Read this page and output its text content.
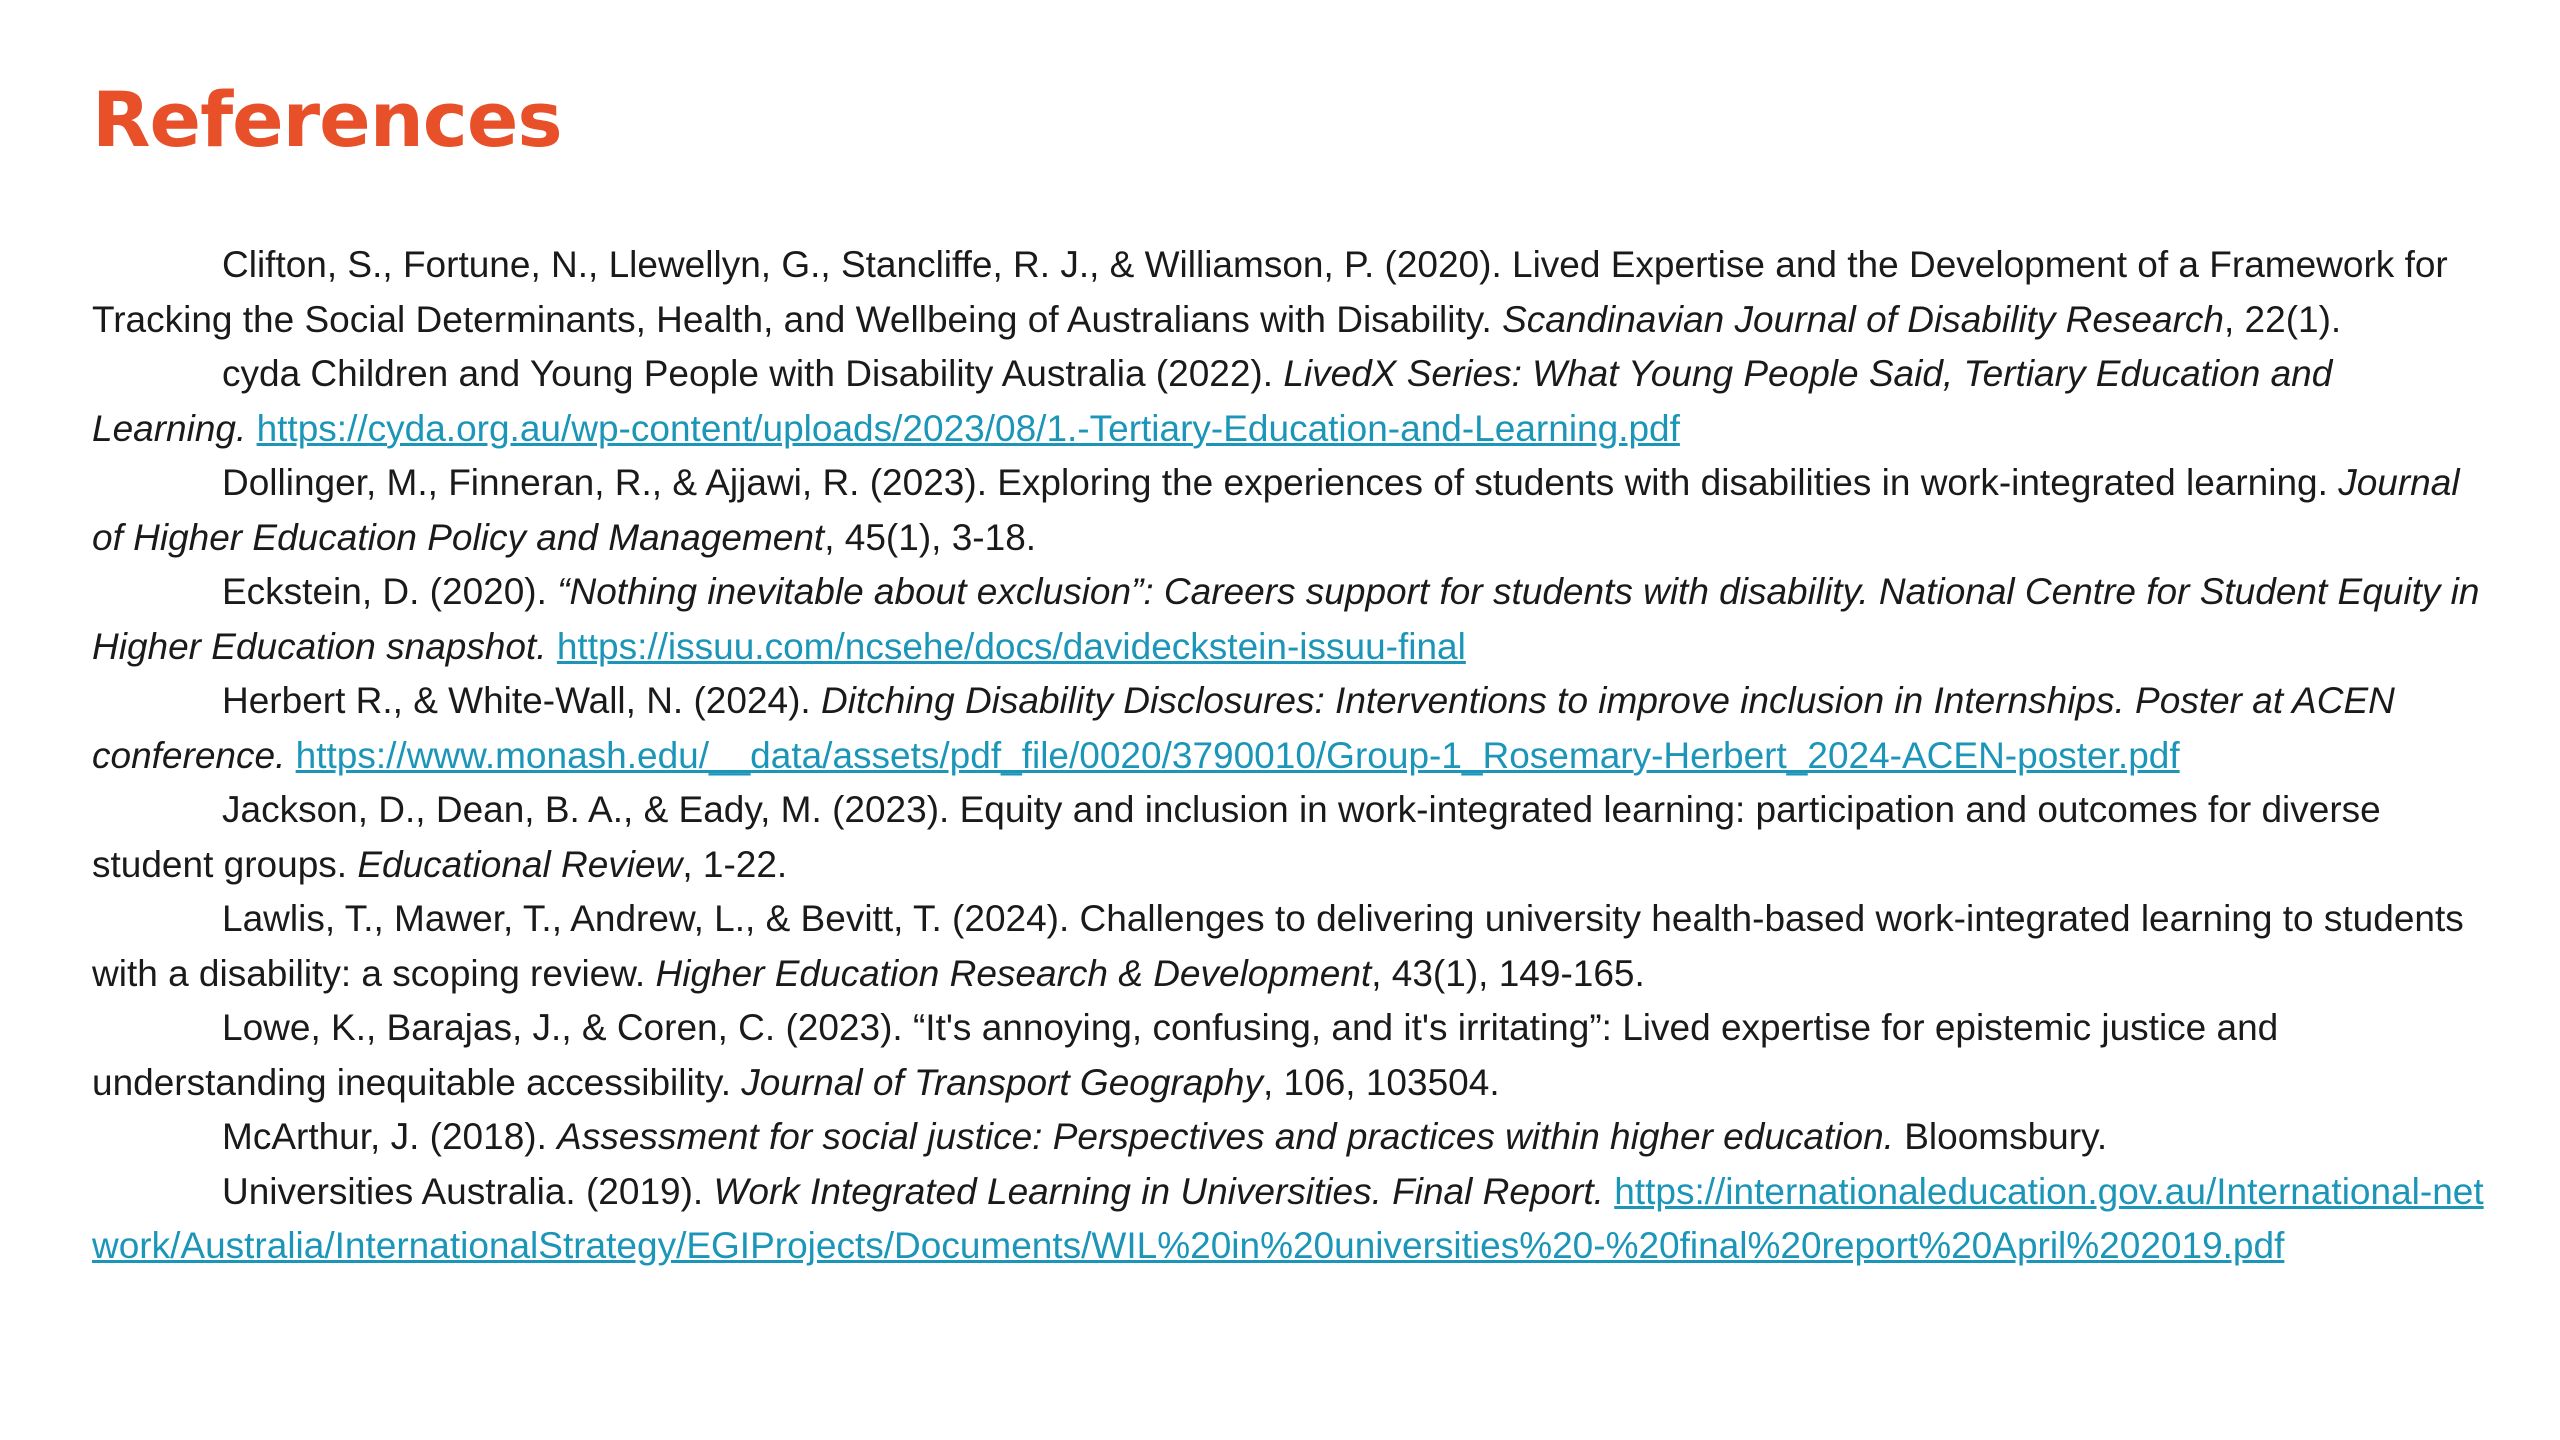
References

Clifton, S., Fortune, N., Llewellyn, G., Stancliffe, R. J., & Williamson, P. (2020). Lived Expertise and the Development of a Framework for Tracking the Social Determinants, Health, and Wellbeing of Australians with Disability. Scandinavian Journal of Disability Research, 22(1).

cyda Children and Young People with Disability Australia (2022). LivedX Series: What Young People Said, Tertiary Education and Learning. https://cyda.org.au/wp-content/uploads/2023/08/1.-Tertiary-Education-and-Learning.pdf

Dollinger, M., Finneran, R., & Ajjawi, R. (2023). Exploring the experiences of students with disabilities in work-integrated learning. Journal of Higher Education Policy and Management, 45(1), 3-18.

Eckstein, D. (2020). “Nothing inevitable about exclusion”: Careers support for students with disability. National Centre for Student Equity in Higher Education snapshot. https://issuu.com/ncsehe/docs/davideckstein-issuu-final

Herbert R., & White-Wall, N. (2024). Ditching Disability Disclosures: Interventions to improve inclusion in Internships. Poster at ACEN conference. https://www.monash.edu/__data/assets/pdf_file/0020/3790010/Group-1_Rosemary-Herbert_2024-ACEN-poster.pdf

Jackson, D., Dean, B. A., & Eady, M. (2023). Equity and inclusion in work-integrated learning: participation and outcomes for diverse student groups. Educational Review, 1-22.

Lawlis, T., Mawer, T., Andrew, L., & Bevitt, T. (2024). Challenges to delivering university health-based work-integrated learning to students with a disability: a scoping review. Higher Education Research & Development, 43(1), 149-165.

Lowe, K., Barajas, J., & Coren, C. (2023). “It's annoying, confusing, and it's irritating”: Lived expertise for epistemic justice and understanding inequitable accessibility. Journal of Transport Geography, 106, 103504.

McArthur, J. (2018). Assessment for social justice: Perspectives and practices within higher education. Bloomsbury.

Universities Australia. (2019). Work Integrated Learning in Universities. Final Report. https://internationaleducation.gov.au/International-network/Australia/InternationalStrategy/EGIProjects/Documents/WIL%20in%20universities%20-%20final%20report%20April%202019.pdf
